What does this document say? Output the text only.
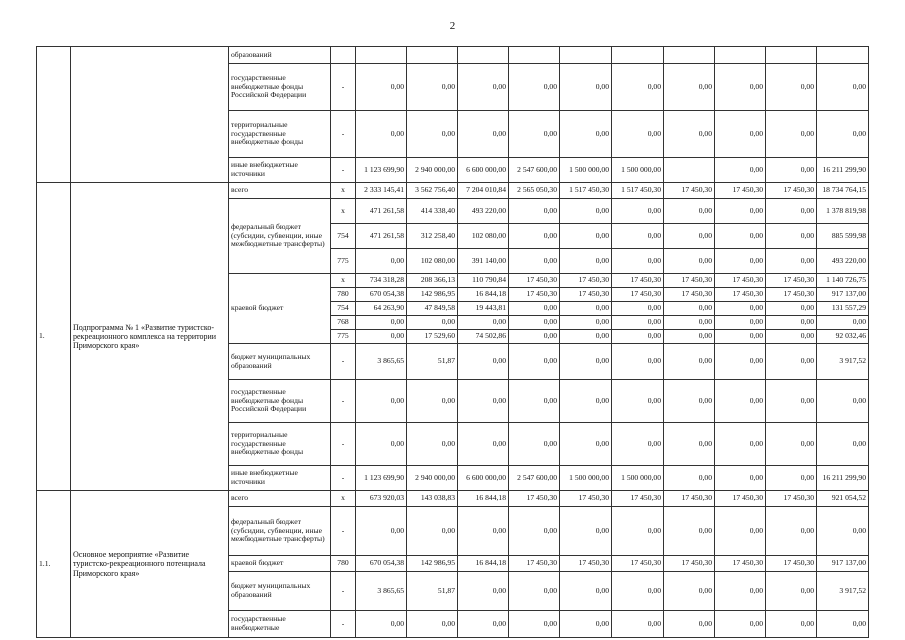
2
		образований											
		государственные внебюджетные фонды Российской Федерации	-	0,00	0,00	0,00	0,00	0,00	0,00	0,00	0,00	0,00	0,00
		территориальные государственные внебюджетные фонды	-	0,00	0,00	0,00	0,00	0,00	0,00	0,00	0,00	0,00	0,00
		иные внебюджетные источники	-	1 123 699,90	2 940 000,00	6 600 000,00	2 547 600,00	1 500 000,00	1 500 000,00		0,00	0,00	16 211 299,90
1.	Подпрограмма № 1 «Развитие туристско-рекреационного комплекса на территории Приморского края»	всего	x	2 333 145,41	3 562 756,40	7 204 010,84	2 565 050,30	1 517 450,30	1 517 450,30	17 450,30	17 450,30	17 450,30	18 734 764,15
		федеральный бюджет (субсидии, субвенции, иные межбюджетные трансферты)	x	471 261,58	414 338,40	493 220,00	0,00	0,00	0,00	0,00	0,00	0,00	1 378 819,98
			754	471 261,58	312 258,40	102 080,00	0,00	0,00	0,00	0,00	0,00	0,00	885 599,98
			775	0,00	102 080,00	391 140,00	0,00	0,00	0,00	0,00	0,00	0,00	493 220,00
		краевой бюджет	x	734 318,28	208 366,13	110 790,84	17 450,30	17 450,30	17 450,30	17 450,30	17 450,30	17 450,30	1 140 726,75
			780	670 054,38	142 986,95	16 844,18	17 450,30	17 450,30	17 450,30	17 450,30	17 450,30	17 450,30	917 137,00
			754	64 263,90	47 849,58	19 443,81	0,00	0,00	0,00	0,00	0,00	0,00	131 557,29
			768	0,00	0,00	0,00	0,00	0,00	0,00	0,00	0,00	0,00	0,00
			775	0,00	17 529,60	74 502,86	0,00	0,00	0,00	0,00	0,00	0,00	92 032,46
		бюджет муниципальных образований	-	3 865,65	51,87	0,00	0,00	0,00	0,00	0,00	0,00	0,00	3 917,52
		государственные внебюджетные фонды Российской Федерации	-	0,00	0,00	0,00	0,00	0,00	0,00	0,00	0,00	0,00	0,00
		территориальные государственные внебюджетные фонды	-	0,00	0,00	0,00	0,00	0,00	0,00	0,00	0,00	0,00	0,00
		иные внебюджетные источники	-	1 123 699,90	2 940 000,00	6 600 000,00	2 547 600,00	1 500 000,00	1 500 000,00	0,00	0,00	0,00	16 211 299,90
1.1.	Основное мероприятие «Развитие туристско-рекреационного потенциала Приморского края»	всего	x	673 920,03	143 038,83	16 844,18	17 450,30	17 450,30	17 450,30	17 450,30	17 450,30	17 450,30	921 054,52
		федеральный бюджет (субсидии, субвенции, иные межбюджетные трансферты)	-	0,00	0,00	0,00	0,00	0,00	0,00	0,00	0,00	0,00	0,00
		краевой бюджет	780	670 054,38	142 986,95	16 844,18	17 450,30	17 450,30	17 450,30	17 450,30	17 450,30	17 450,30	917 137,00
		бюджет муниципальных образований	-	3 865,65	51,87	0,00	0,00	0,00	0,00	0,00	0,00	0,00	3 917,52
		государственные внебюджетные	-	0,00	0,00	0,00	0,00	0,00	0,00	0,00	0,00	0,00	0,00
